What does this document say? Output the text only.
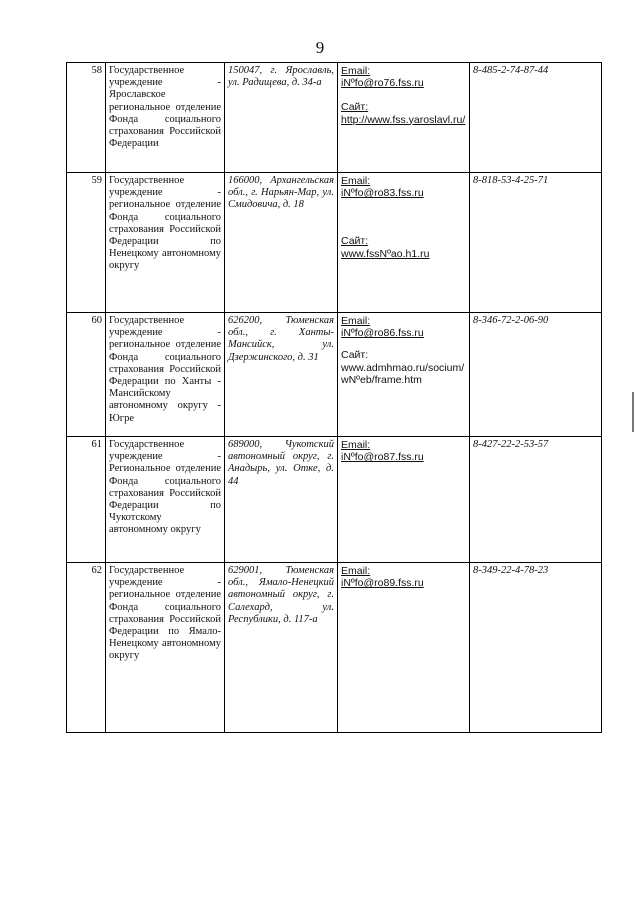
9
58	Государственное учреждение - Ярославское региональное отделение Фонда социального страхования Российской Федерации	150047, г. Ярославль, ул. Радищева, д. 34-а	Email:
iNºfo@ro76.fss.ru
Сайт:
http://www.fss.yaroslavl.ru/	8-485-2-74-87-44
59	Государственное учреждение - региональное отделение Фонда социального страхования Российской Федерации по Ненецкому автономному округу	166000, Архангельская обл., г. Нарьян-Мар, ул. Смидовича, д. 18	Email:
iNºfo@ro83.fss.ru
Сайт:
www.fssNºao.h1.ru	8-818-53-4-25-71
60	Государственное учреждение - региональное отделение Фонда социального страхования Российской Федерации по Ханты - Мансийскому автономному округу - Югре	626200, Тюменская обл., г. Ханты-Мансийск, ул. Дзержинского, д. 31	Email:
iNºfo@ro86.fss.ru
Сайт:
www.admhmao.ru/socium/wNºeb/frame.htm	8-346-72-2-06-90
61	Государственное учреждение - Региональное отделение Фонда социального страхования Российской Федерации по Чукотскому автономному округу	689000, Чукотский автономный округ, г. Анадырь, ул. Отке, д. 44	Email:
iNºfo@ro87.fss.ru	8-427-22-2-53-57
62	Государственное учреждение - региональное отделение Фонда социального страхования Российской Федерации по Ямало-Ненецкому автономному округу	629001, Тюменская обл., Ямало-Ненецкий автономный округ, г. Салехард, ул. Республики, д. 117-а	Email:
iNºfo@ro89.fss.ru	8-349-22-4-78-23
